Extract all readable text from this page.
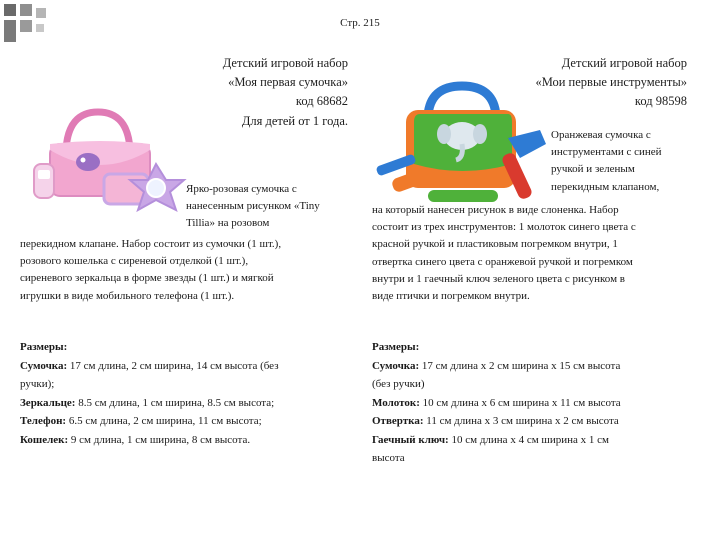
Стр. 215
Детский игровой набор
«Моя первая сумочка»
код 68682
Для детей от 1 года.
Ярко-розовая сумочка с
нанесенным рисунком «Tiny
Tillia» на розовом
перекидном клапане. Набор состоит из сумочки (1 шт.),
розового кошелька с сиреневой отделкой (1 шт.),
сиреневого зеркальца в форме звезды (1 шт.) и мягкой
игрушки в виде мобильного телефона (1 шт.).
Размеры:
Сумочка: 17 см длина, 2 см ширина, 14 см высота (без
ручки);
Зеркальце: 8.5 см длина, 1 см ширина, 8.5 см высота;
Телефон: 6.5 см длина, 2 см ширина, 11 см высота;
Кошелек: 9 см длина, 1 см ширина, 8 см высота.
Детский игровой набор
«Мои первые инструменты»
код 98598
Оранжевая сумочка с
инструментами с синей
ручкой и зеленым
перекидным клапаном,
на который нанесен рисунок в виде слоненка. Набор
состоит из трех инструментов: 1 молоток синего цвета с
красной ручкой и пластиковым погремком внутри, 1
отвертка синего цвета с оранжевой ручкой и погремком
внутри и 1 гаечный ключ зеленого цвета с рисунком в
виде птички и погремком внутри.
Размеры:
Сумочка: 17 см длина х 2 см ширина х 15 см высота
(без ручки)
Молоток: 10 см длина х 6 см ширина х 11 см высота
Отвертка: 11 см длина х 3 см ширина х 2 см высота
Гаечный ключ: 10 см длина х 4 см ширина х 1 см
высота
